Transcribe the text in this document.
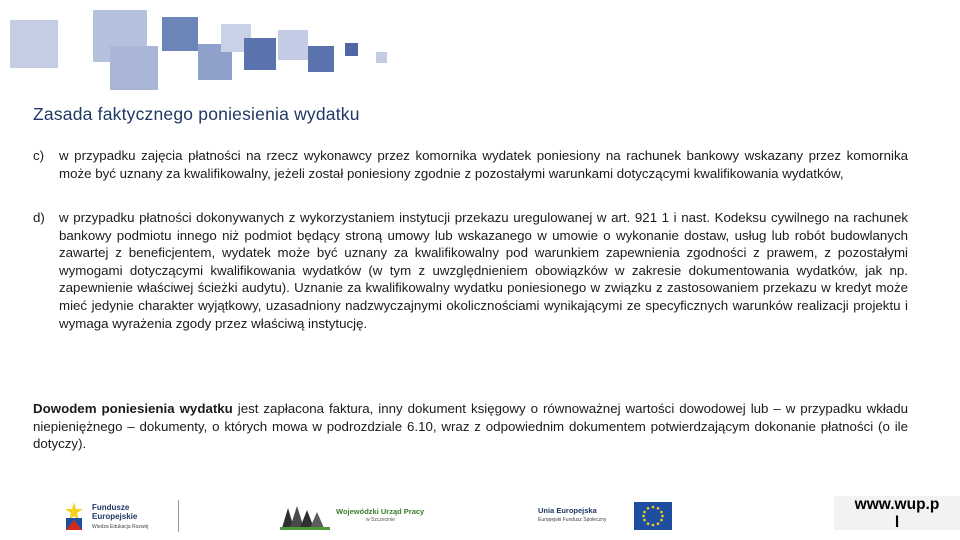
Zasada faktycznego poniesienia wydatku
c) w przypadku zajęcia płatności na rzecz wykonawcy przez komornika wydatek poniesiony na rachunek bankowy wskazany przez komornika może być uznany za kwalifikowalny, jeżeli został poniesiony zgodnie z pozostałymi warunkami dotyczącymi kwalifikowania wydatków,
d) w przypadku płatności dokonywanych z wykorzystaniem instytucji przekazu uregulowanej w art. 921 1 i nast. Kodeksu cywilnego na rachunek bankowy podmiotu innego niż podmiot będący stroną umowy lub wskazanego w umowie o wykonanie dostaw, usług lub robót budowlanych zawartej z beneficjentem, wydatek może być uznany za kwalifikowalny pod warunkiem zapewnienia zgodności z prawem, z pozostałymi wymogami dotyczącymi kwalifikowania wydatków (w tym z uwzględnieniem obowiązków w zakresie dokumentowania wydatków, jak np. zapewnienie właściwej ścieżki audytu). Uznanie za kwalifikowalny wydatku poniesionego w związku z zastosowaniem przekazu w kredyt może mieć jedynie charakter wyjątkowy, uzasadniony nadzwyczajnymi okolicznościami wynikającymi ze specyficznych warunków realizacji projektu i wymaga wyrażenia zgody przez właściwą instytucję.
Dowodem poniesienia wydatku jest zapłacona faktura, inny dokument księgowy o równoważnej wartości dowodowej lub – w przypadku wkładu niepieniężnego – dokumenty, o których mowa w podrozdziale 6.10, wraz z odpowiednim dokumentem potwierdzającym dokonanie płatności (o ile dotyczy).
Fundusze
Europejskie
Wiedza Edukacja Rozwój
Wojewódzki Urząd Pracy
w Szczecinie
Unia Europejska
Europejski Fundusz Społeczny
www.wup.p
l
